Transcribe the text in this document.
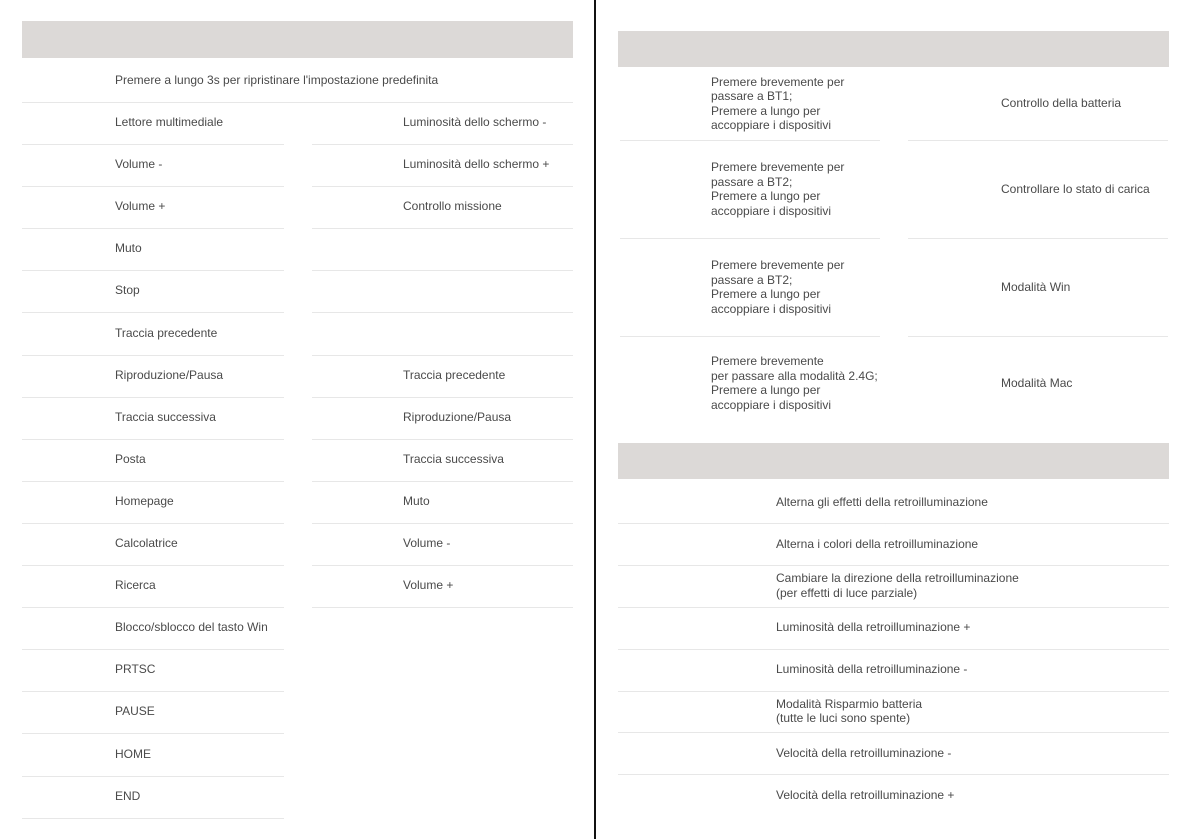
Premere a lungo 3s per ripristinare l'impostazione predefinita
Lettore multimediale
Volume -
Volume +
Muto
Stop
Traccia precedente
Riproduzione/Pausa
Traccia successiva
Posta
Homepage
Calcolatrice
Ricerca
Blocco/sblocco del tasto Win
PRTSC
PAUSE
HOME
END
Luminosità dello schermo -
Luminosità dello schermo +
Controllo missione
Traccia precedente
Riproduzione/Pausa
Traccia successiva
Muto
Volume -
Volume +
Premere brevemente per
passare a BT1;
Premere a lungo per
accoppiare i dispositivi
Controllo della batteria
Premere brevemente per
passare a BT2;
Premere a lungo per
accoppiare i dispositivi
Controllare lo stato di carica
Premere brevemente per
passare a BT2;
Premere a lungo per
accoppiare i dispositivi
Modalità Win
Premere brevemente
per passare alla modalità 2.4G;
Premere a lungo per
accoppiare i dispositivi
Modalità Mac
Alterna gli effetti della retroilluminazione
Alterna i colori della retroilluminazione
Cambiare la direzione della retroilluminazione
(per effetti di luce parziale)
Luminosità della retroilluminazione +
Luminosità della retroilluminazione -
Modalità Risparmio batteria
(tutte le luci sono spente)
Velocità della retroilluminazione -
Velocità della retroilluminazione +
